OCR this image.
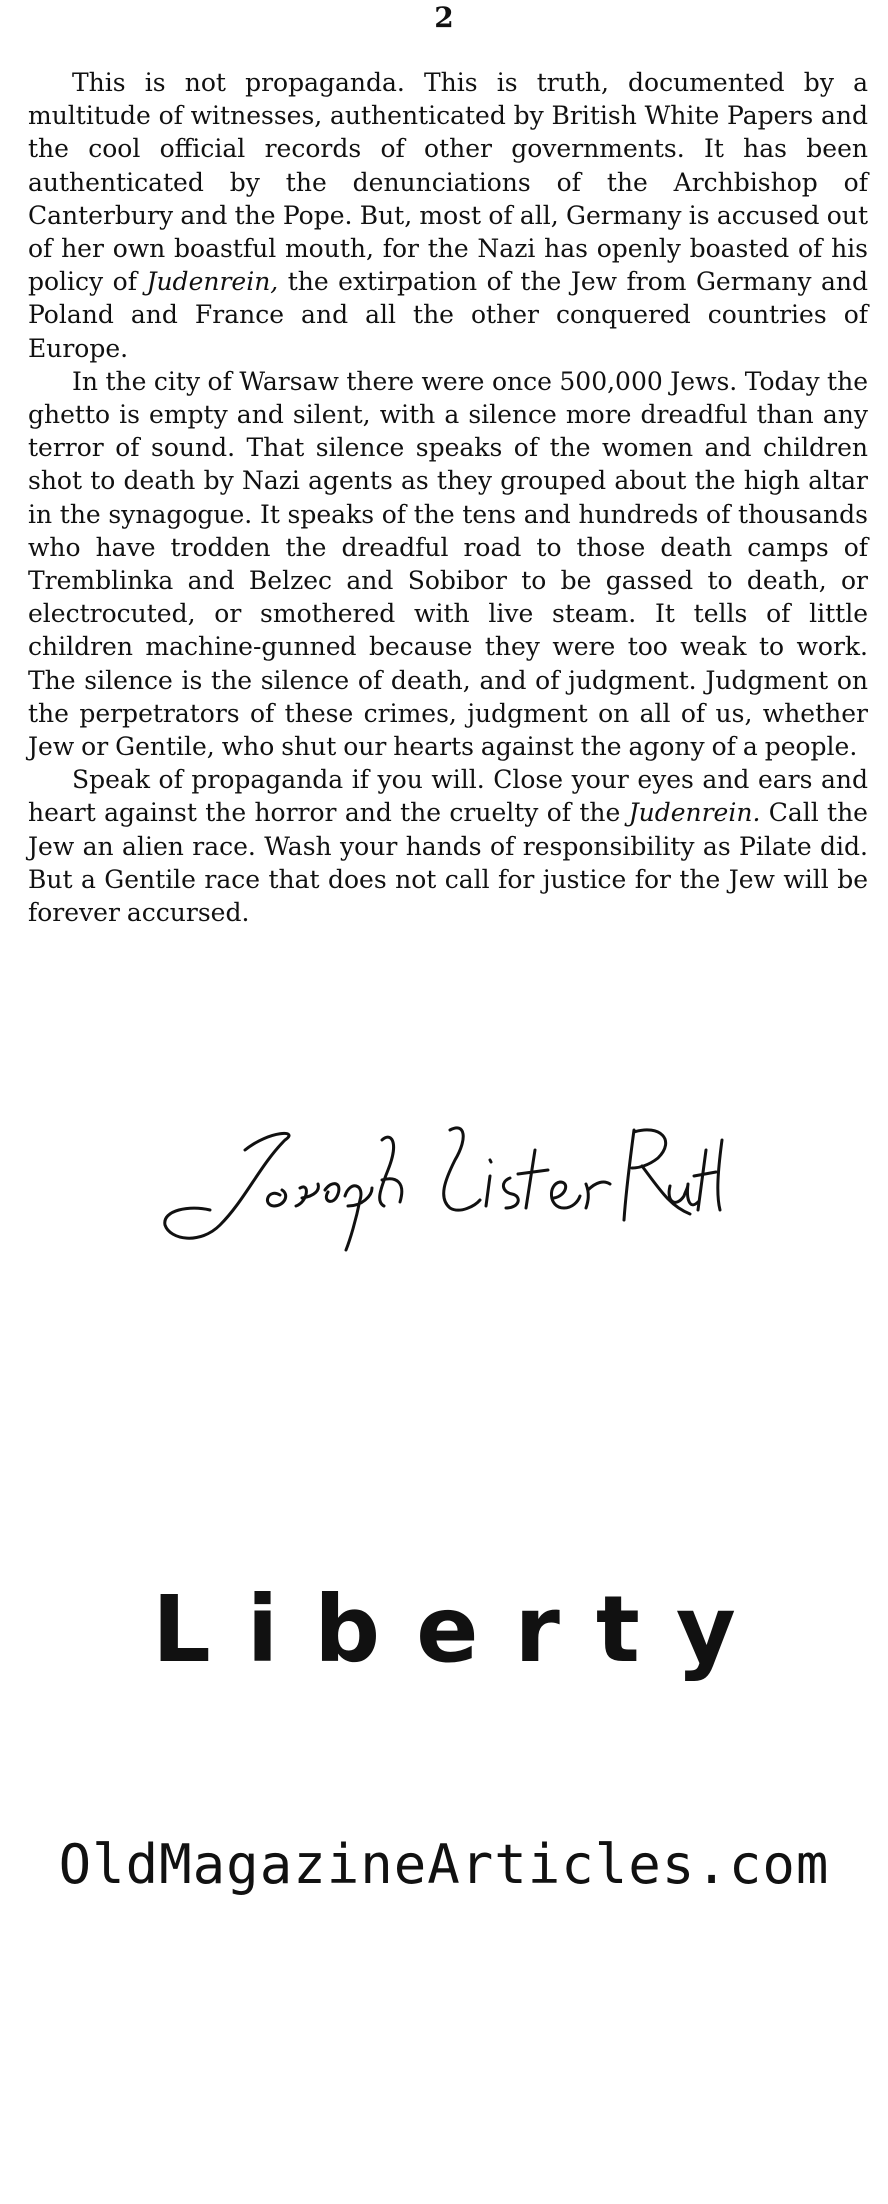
2

This is not propaganda. This is truth, documented by a multitude of witnesses, authenticated by British White Papers and the cool official records of other governments. It has been authenticated by the denunciations of the Archbishop of Canterbury and the Pope. But, most of all, Germany is accused out of her own boastful mouth, for the Nazi has openly boasted of his policy of Judenrein, the extirpation of the Jew from Germany and Poland and France and all the other conquered countries of Europe.

In the city of Warsaw there were once 500,000 Jews. Today the ghetto is empty and silent, with a silence more dreadful than any terror of sound. That silence speaks of the women and children shot to death by Nazi agents as they grouped about the high altar in the synagogue. It speaks of the tens and hundreds of thousands who have trodden the dreadful road to those death camps of Tremblinka and Belzec and Sobibor to be gassed to death, or electrocuted, or smothered with live steam. It tells of little children machine-gunned because they were too weak to work. The silence is the silence of death, and of judgment. Judgment on the perpetrators of these crimes, judgment on all of us, whether Jew or Gentile, who shut our hearts against the agony of a people.

Speak of propaganda if you will. Close your eyes and ears and heart against the horror and the cruelty of the Judenrein. Call the Jew an alien race. Wash your hands of responsibility as Pilate did. But a Gentile race that does not call for justice for the Jew will be forever accursed.

Liberty
OldMagazineArticles.com
